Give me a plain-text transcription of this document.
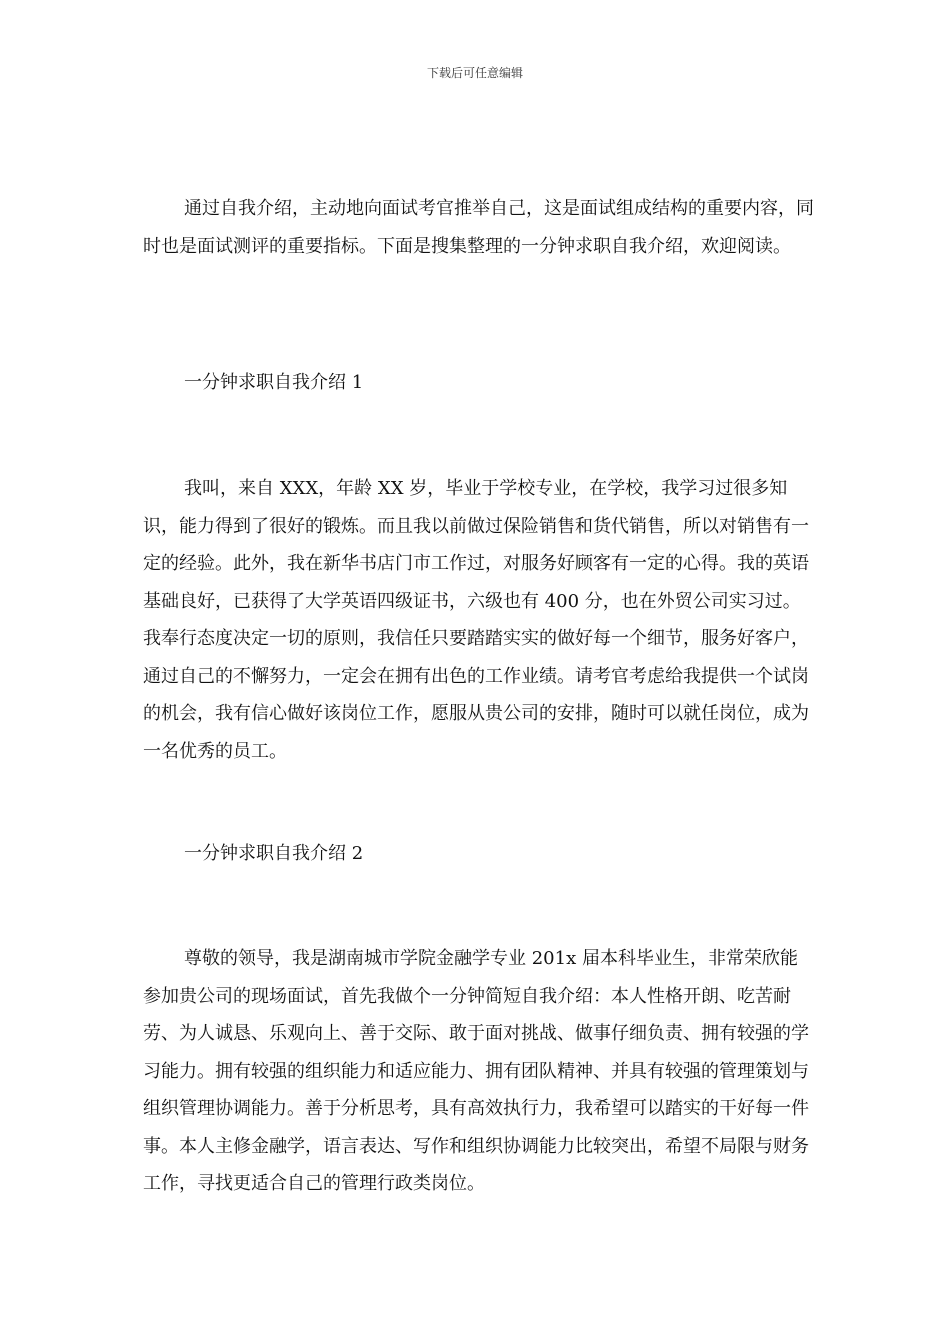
下载后可任意编辑

通过自我介绍，主动地向面试考官推举自己，这是面试组成结构的重要内容，同时也是面试测评的重要指标。下面是搜集整理的一分钟求职自我介绍，欢迎阅读。

一分钟求职自我介绍 1

我叫，来自 XXX，年龄 XX 岁，毕业于学校专业，在学校，我学习过很多知识，能力得到了很好的锻炼。而且我以前做过保险销售和货代销售，所以对销售有一定的经验。此外，我在新华书店门市工作过，对服务好顾客有一定的心得。我的英语基础良好，已获得了大学英语四级证书，六级也有 400 分，也在外贸公司实习过。我奉行态度决定一切的原则，我信任只要踏踏实实的做好每一个细节，服务好客户，通过自己的不懈努力，一定会在拥有出色的工作业绩。请考官考虑给我提供一个试岗的机会，我有信心做好该岗位工作，愿服从贵公司的安排，随时可以就任岗位，成为一名优秀的员工。

一分钟求职自我介绍 2

尊敬的领导，我是湖南城市学院金融学专业 201x 届本科毕业生，非常荣欣能参加贵公司的现场面试，首先我做个一分钟简短自我介绍：本人性格开朗、吃苦耐劳、为人诚恳、乐观向上、善于交际、敢于面对挑战、做事仔细负责、拥有较强的学习能力。拥有较强的组织能力和适应能力、拥有团队精神、并具有较强的管理策划与组织管理协调能力。善于分析思考，具有高效执行力，我希望可以踏实的干好每一件事。本人主修金融学，语言表达、写作和组织协调能力比较突出，希望不局限与财务工作，寻找更适合自己的管理行政类岗位。
